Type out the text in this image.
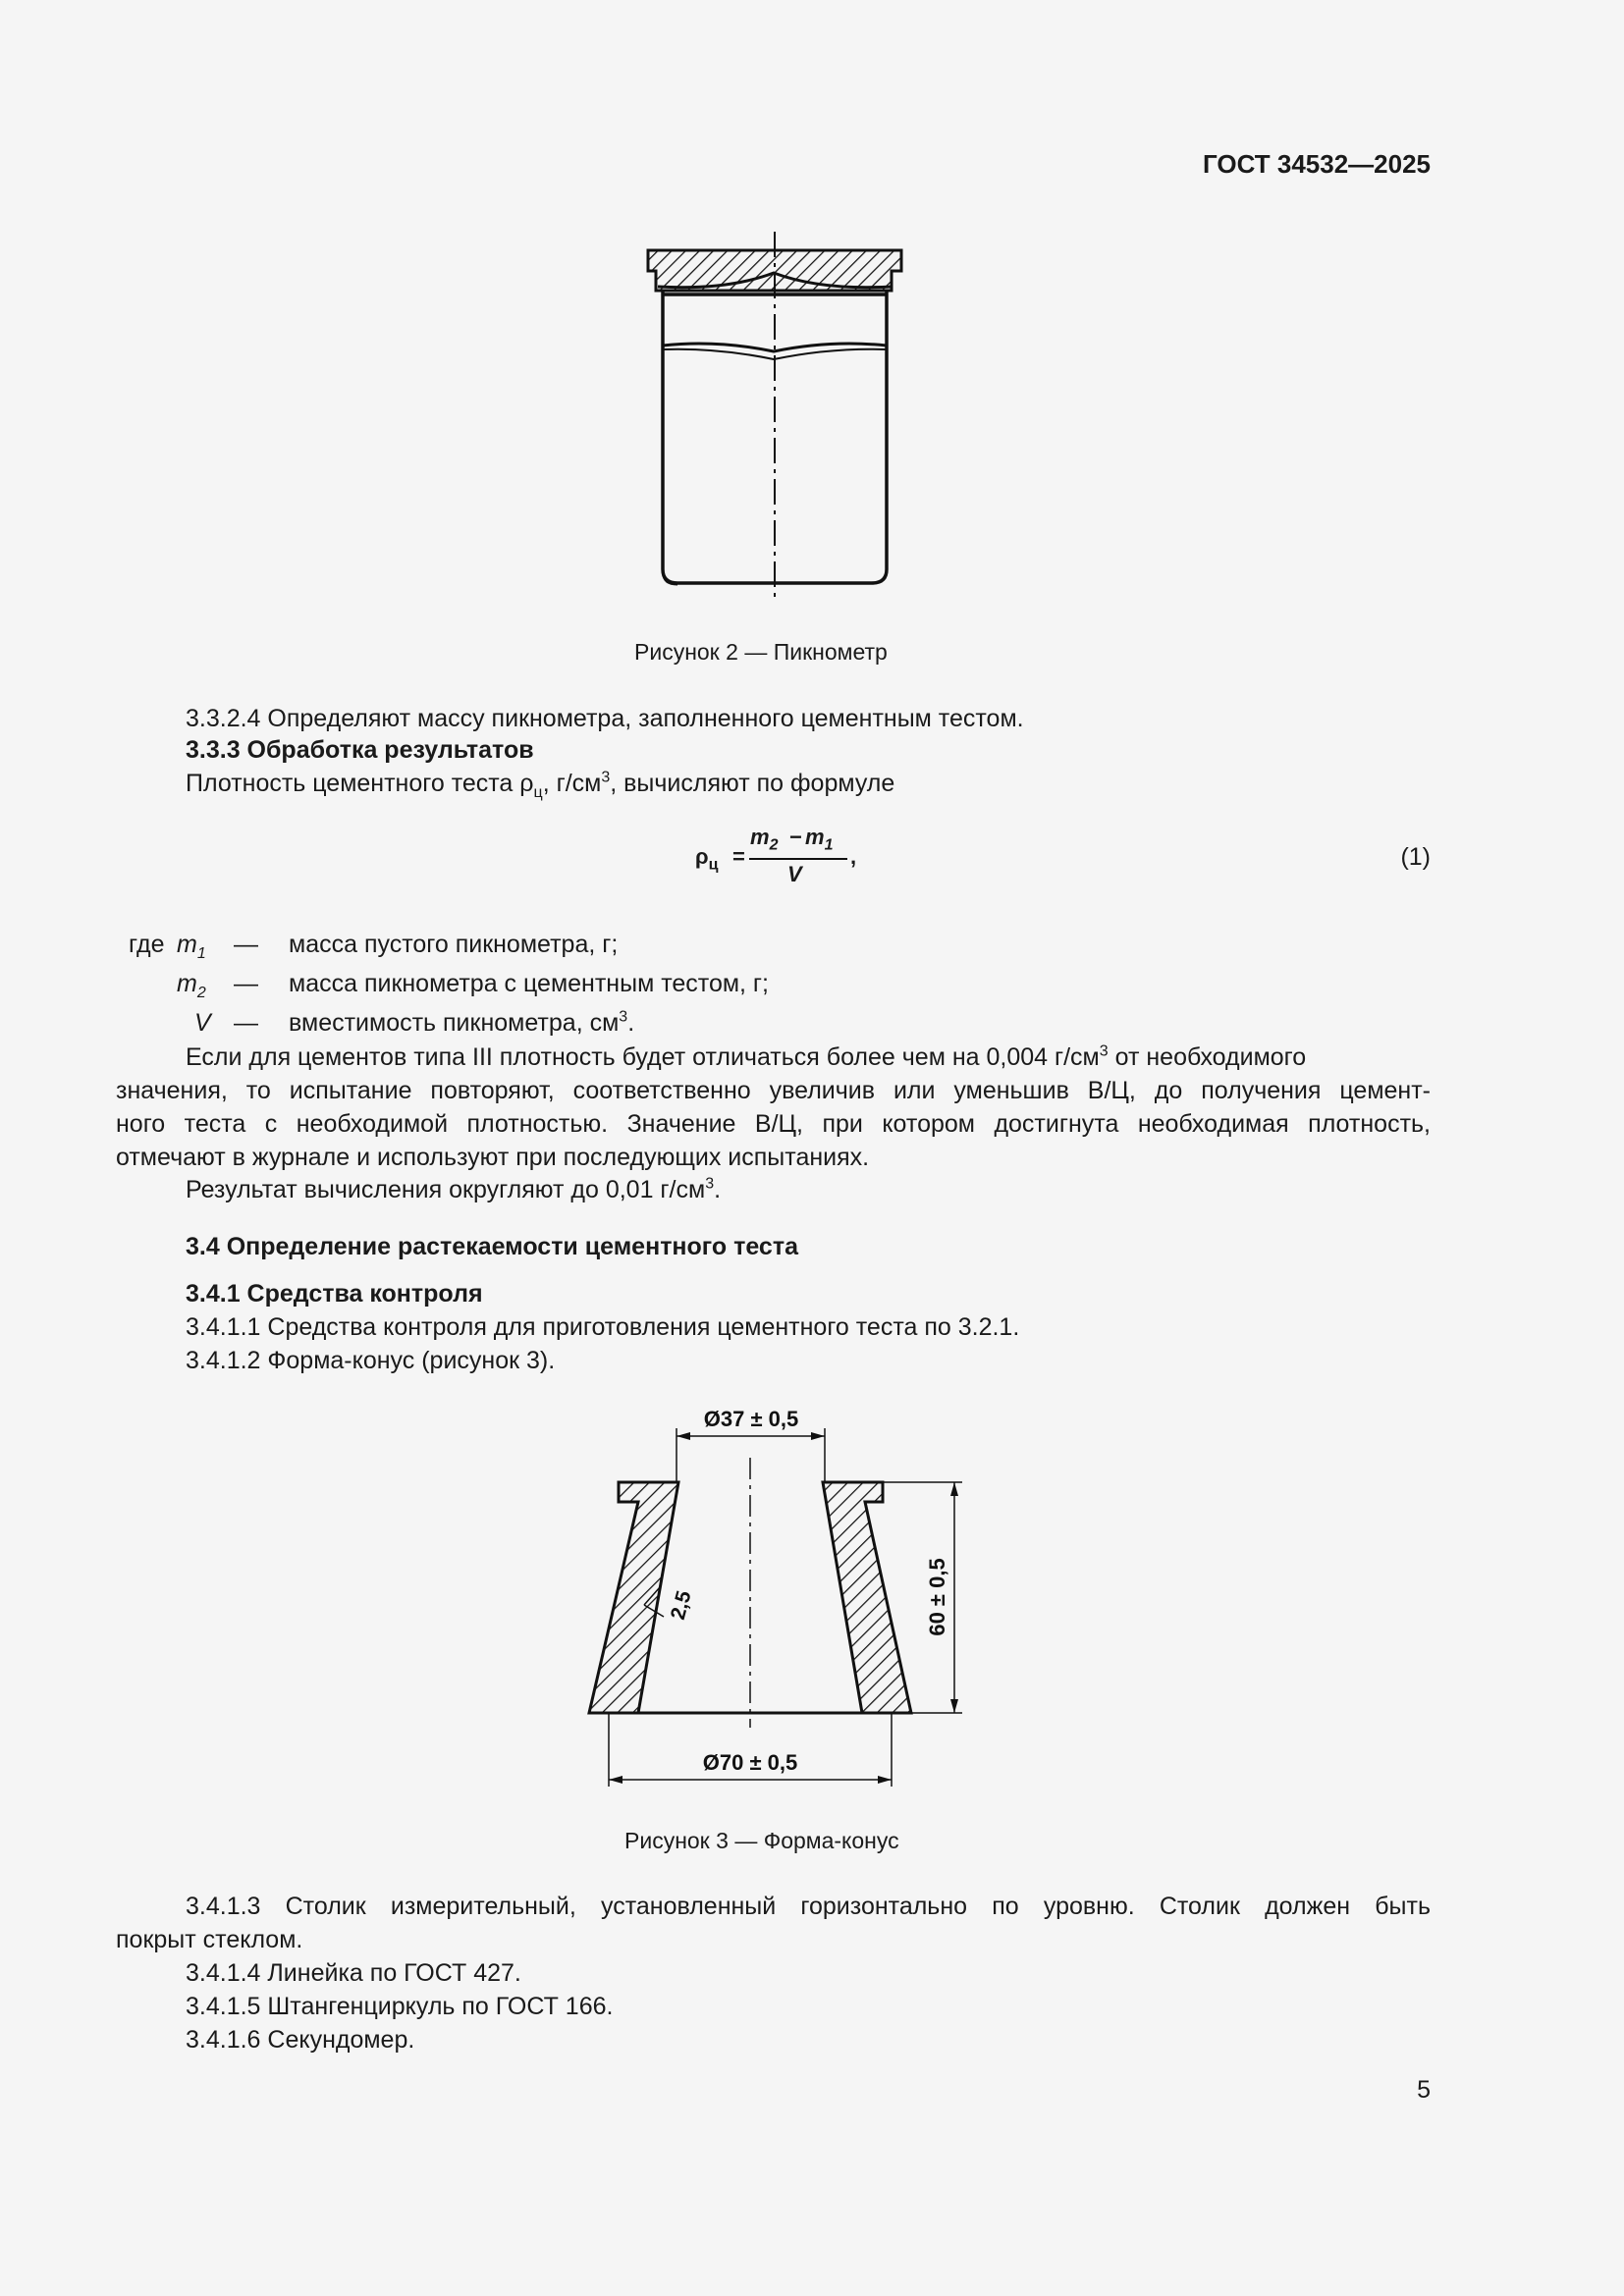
ГОСТ 34532—2025
Рисунок 2 — Пикнометр
3.3.2.4 Определяют массу пикнометра, заполненного цементным тестом.
3.3.3 Обработка результатов
Плотность цементного теста $\rho_ц$, $г/см^3$, вычисляют по формуле
$\rho_ц$ =
$m_2 - m_1$
V
,	(1)
где $m_1$ — масса пустого пикнометра, г;
$m_2$ — масса пикнометра с цементным тестом, г;
V — вместимость пикнометра, $см^3$.
Если для цементов типа III плотность будет отличаться более чем на 0,004 $г/см^3$ от необходимого
значения, то испытание повторяют, соответственно увеличив или уменьшив В/Ц, до получения цемент-
ного теста с необходимой плотностью. Значение В/Ц, при котором достигнута необходимая плотность,
отмечают в журнале и используют при последующих испытаниях.
Результат вычисления округляют до 0,01 $г/см^3$.
3.4 Определение растекаемости цементного теста
3.4.1 Средства контроля
3.4.1.1 Средства контроля для приготовления цементного теста по 3.2.1.
3.4.1.2 Форма-конус (рисунок 3).
Ø37 ± 0,5
60 ± 0,5
2,5
Ø70 ± 0,5
Рисунок 3 — Форма-конус
3.4.1.3 Столик измерительный, установленный горизонтально по уровню. Столик должен быть
покрыт стеклом.
3.4.1.4 Линейка по ГОСТ 427.
3.4.1.5 Штангенциркуль по ГОСТ 166.
3.4.1.6 Секундомер.
5
